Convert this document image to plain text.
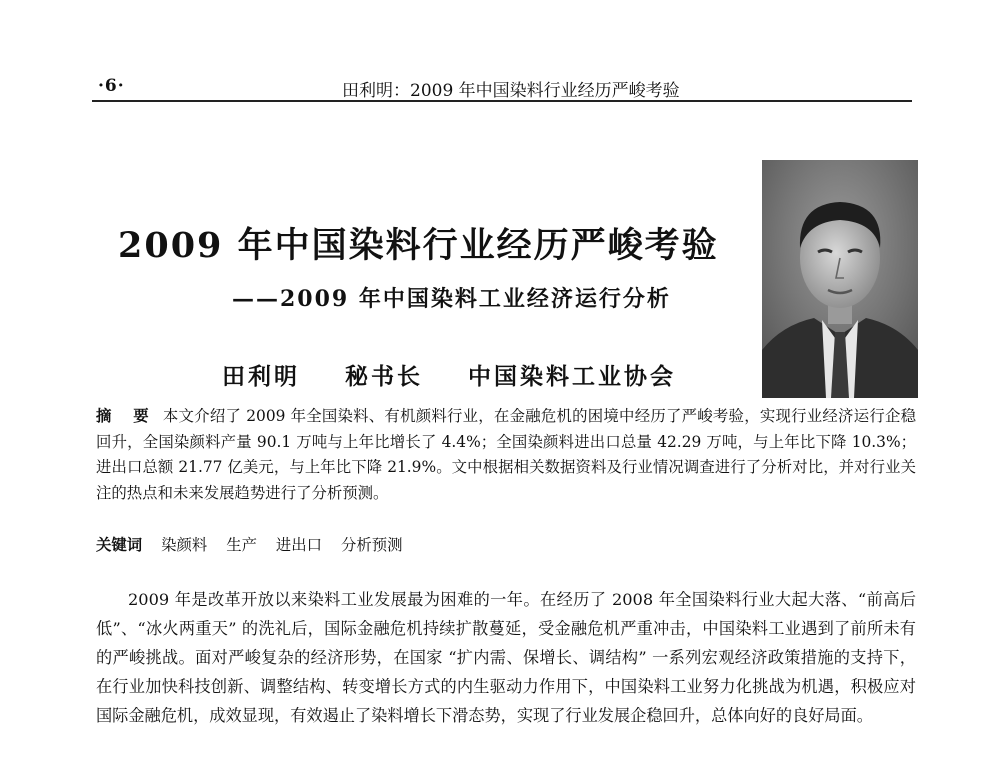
·6·	田利明：2009 年中国染料行业经历严峻考验
2009 年中国染料行业经历严峻考验
——2009 年中国染料工业经济运行分析
田利明 秘书长 中国染料工业协会
摘 要 本文介绍了 2009 年全国染料、有机颜料行业，在金融危机的困境中经历了严峻考验，实现行业经济运行企稳回升，全国染颜料产量 90.1 万吨与上年比增长了 4.4%；全国染颜料进出口总量 42.29 万吨，与上年比下降 10.3%；进出口总额 21.77 亿美元，与上年比下降 21.9%。文中根据相关数据资料及行业情况调查进行了分析对比，并对行业关注的热点和未来发展趋势进行了分析预测。
关键词 染颜料 生产 进出口 分析预测
2009 年是改革开放以来染料工业发展最为困难的一年。在经历了 2008 年全国染料行业大起大落、“前高后低”、“冰火两重天” 的洗礼后，国际金融危机持续扩散蔓延，受金融危机严重冲击，中国染料工业遇到了前所未有的严峻挑战。面对严峻复杂的经济形势，在国家 “扩内需、保增长、调结构” 一系列宏观经济政策措施的支持下，在行业加快科技创新、调整结构、转变增长方式的内生驱动力作用下，中国染料工业努力化挑战为机遇，积极应对国际金融危机，成效显现，有效遏止了染料增长下滑态势，实现了行业发展企稳回升，总体向好的良好局面。
